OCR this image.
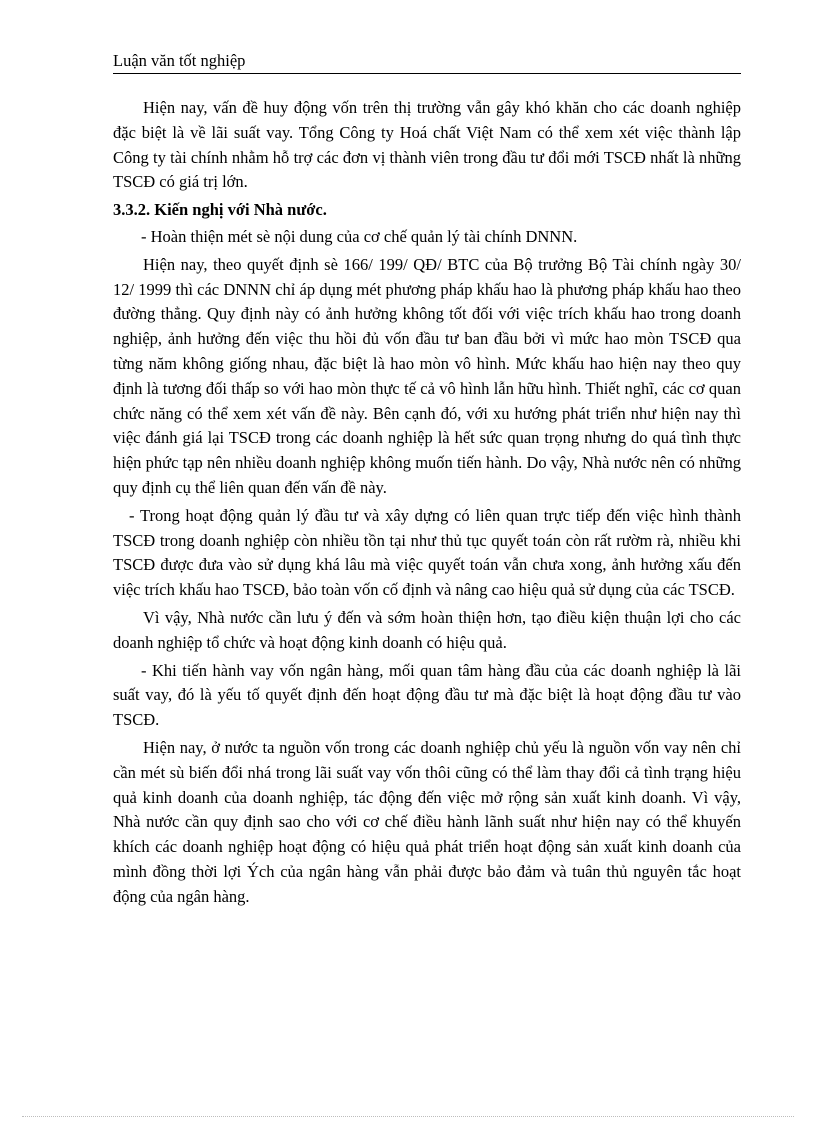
Luận văn tốt nghiệp

Hiện nay, vấn đề huy động vốn trên thị trường vẫn gây khó khăn cho các doanh nghiệp đặc biệt là về lãi suất vay. Tổng Công ty Hoá chất Việt Nam có thể xem xét việc thành lập Công ty tài chính nhằm hỗ trợ các đơn vị thành viên trong đầu tư đổi mới TSCĐ nhất là những TSCĐ có giá trị lớn.

3.3.2. Kiến nghị với Nhà nước.

- Hoàn thiện mét sè nội dung của cơ chế quản lý tài chính DNNN.

Hiện nay, theo quyết định sè 166/ 199/ QĐ/ BTC của Bộ trưởng Bộ Tài chính ngày 30/ 12/ 1999 thì các DNNN chỉ áp dụng mét phương pháp khấu hao là phương pháp khấu hao theo đường thẳng. Quy định này có ảnh hưởng không tốt đối với việc trích khấu hao trong doanh nghiệp, ảnh hưởng đến việc thu hồi đủ vốn đầu tư ban đầu bởi vì mức hao mòn TSCĐ qua từng năm không giống nhau, đặc biệt là hao mòn vô hình. Mức khấu hao hiện nay theo quy định là tương đối thấp so với hao mòn thực tế cả vô hình lẫn hữu hình. Thiết nghĩ, các cơ quan chức năng có thể xem xét vấn đề này. Bên cạnh đó, với xu hướng phát triển như hiện nay thì việc đánh giá lại TSCĐ trong các doanh nghiệp là hết sức quan trọng nhưng do quá tình thực hiện phức tạp nên nhiều doanh nghiệp không muốn tiến hành. Do vậy, Nhà nước nên có những quy định cụ thể liên quan đến vấn đề này.

- Trong hoạt động quản lý đầu tư và xây dựng có liên quan trực tiếp đến việc hình thành TSCĐ trong doanh nghiệp còn nhiều tồn tại như thủ tục quyết toán còn rất rườm rà, nhiều khi TSCĐ được đưa vào sử dụng khá lâu mà việc quyết toán vẫn chưa xong, ảnh hưởng xấu đến việc trích khấu hao TSCĐ, bảo toàn vốn cố định và nâng cao hiệu quả sử dụng của các TSCĐ.

Vì vậy, Nhà nước cần lưu ý đến và sớm hoàn thiện hơn, tạo điều kiện thuận lợi cho các doanh nghiệp tổ chức và hoạt động kinh doanh có hiệu quả.

- Khi tiến hành vay vốn ngân hàng, mối quan tâm hàng đầu của các doanh nghiệp là lãi suất vay, đó là yếu tố quyết định đến hoạt động đầu tư mà đặc biệt là hoạt động đầu tư vào TSCĐ.

Hiện nay, ở nước ta nguồn vốn trong các doanh nghiệp chủ yếu là nguồn vốn vay nên chỉ cần mét sù biến đổi nhá trong lãi suất vay vốn thôi cũng có thể làm thay đổi cả tình trạng hiệu quả kinh doanh của doanh nghiệp, tác động đến việc mở rộng sản xuất kinh doanh. Vì vậy, Nhà nước cần quy định sao cho với cơ chế điều hành lãnh suất như hiện nay có thể khuyến khích các doanh nghiệp hoạt động có hiệu quả phát triển hoạt động sản xuất kinh doanh của mình đồng thời lợi Ých của ngân hàng vẫn phải được bảo đảm và tuân thủ nguyên tắc hoạt động của ngân hàng.
